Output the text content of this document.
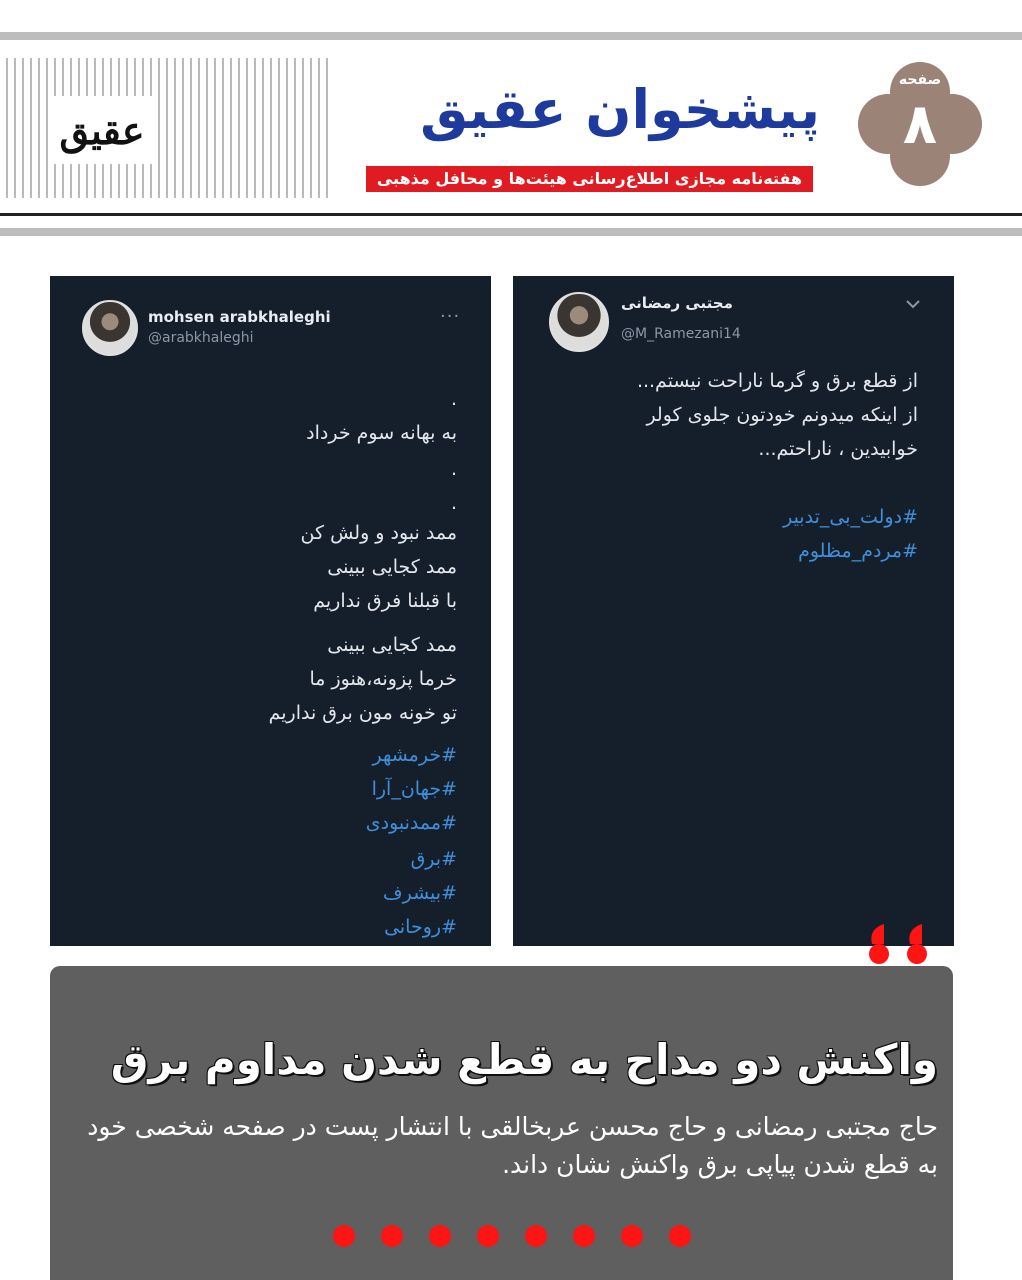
عقیق	پیشخوان عقیق
هفته‌نامه مجازی اطلاع‌رسانی هیئت‌ها و محافل مذهبی
صفحه
۸
mohsen arabkhaleghi
@arabkhaleghi
···
.
به بهانه سوم خرداد
.
.
ممد نبود و ولش کن
ممد کجایی ببینی
با قبلنا فرق نداریم
ممد کجایی ببینی
خرما پزونه،هنوز ما
تو خونه مون برق نداریم
#خرمشهر
#جهان_آرا
#ممدنبودی
#برق
#بیشرف
#روحانی
مجتبی رمضانی
@M_Ramezani14
از قطع برق و گرما ناراحت نیستم...
از اینکه میدونم خودتون جلوی کولر
خوابیدین ، ناراحتم...
#دولت_بی_تدبیر
#مردم_مظلوم
واکنش دو مداح به قطع شدن مداوم برق
حاج مجتبی رمضانی و حاج محسن عربخالقی با انتشار پست در صفحه شخصی خود به قطع شدن پیاپی برق واکنش نشان داند.
